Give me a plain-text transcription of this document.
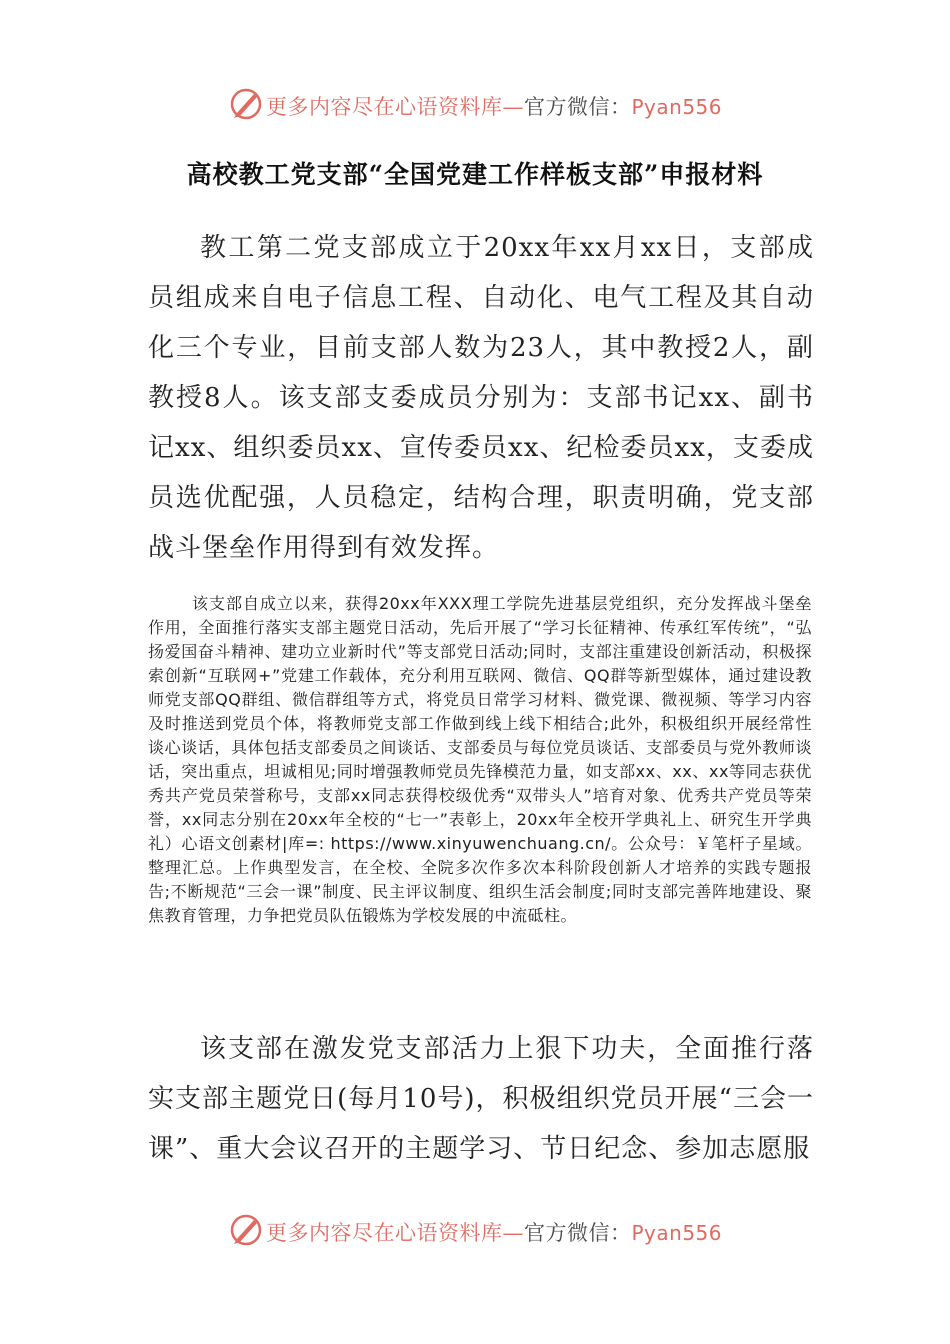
更多内容尽在心语资料库—官方微信：Pyan556
高校教工党支部“全国党建工作样板支部”申报材料

教工第二党支部成立于20xx年xx月xx日，支部成员组成来自电子信息工程、自动化、电气工程及其自动化三个专业，目前支部人数为23人，其中教授2人，副教授8人。该支部支委成员分别为：支部书记xx、副书记xx、组织委员xx、宣传委员xx、纪检委员xx，支委成员选优配强，人员稳定，结构合理，职责明确，党支部战斗堡垒作用得到有效发挥。

该支部自成立以来，获得20xx年XXX理工学院先进基层党组织，充分发挥战斗堡垒作用，全面推行落实支部主题党日活动，先后开展了“学习长征精神、传承红军传统”，“弘扬爱国奋斗精神、建功立业新时代”等支部党日活动;同时，支部注重建设创新活动，积极探索创新“互联网+”党建工作载体，充分利用互联网、微信、QQ群等新型媒体，通过建设教师党支部QQ群组、微信群组等方式，将党员日常学习材料、微党课、微视频、等学习内容及时推送到党员个体，将教师党支部工作做到线上线下相结合;此外，积极组织开展经常性谈心谈话，具体包括支部委员之间谈话、支部委员与每位党员谈话、支部委员与党外教师谈话，突出重点，坦诚相见;同时增强教师党员先锋模范力量，如支部xx、xx、xx等同志获优秀共产党员荣誉称号，支部xx同志获得校级优秀“双带头人”培育对象、优秀共产党员等荣誉，xx同志分别在20xx年全校的“七一”表彰上，20xx年全校开学典礼上、研究生开学典礼）心语文创素材|库=: https://www.xinyuwenchuang.cn/。公众号：￥笔杆子星域。整理汇总。上作典型发言，在全校、全院多次作多次本科阶段创新人才培养的实践专题报告;不断规范“三会一课”制度、民主评议制度、组织生活会制度;同时支部完善阵地建设、聚焦教育管理，力争把党员队伍锻炼为学校发展的中流砥柱。

该支部在激发党支部活力上狠下功夫，全面推行落实支部主题党日(每月10号)，积极组织党员开展“三会一课”、重大会议召开的主题学习、节日纪念、参加志愿服

更多内容尽在心语资料库—官方微信：Pyan556
